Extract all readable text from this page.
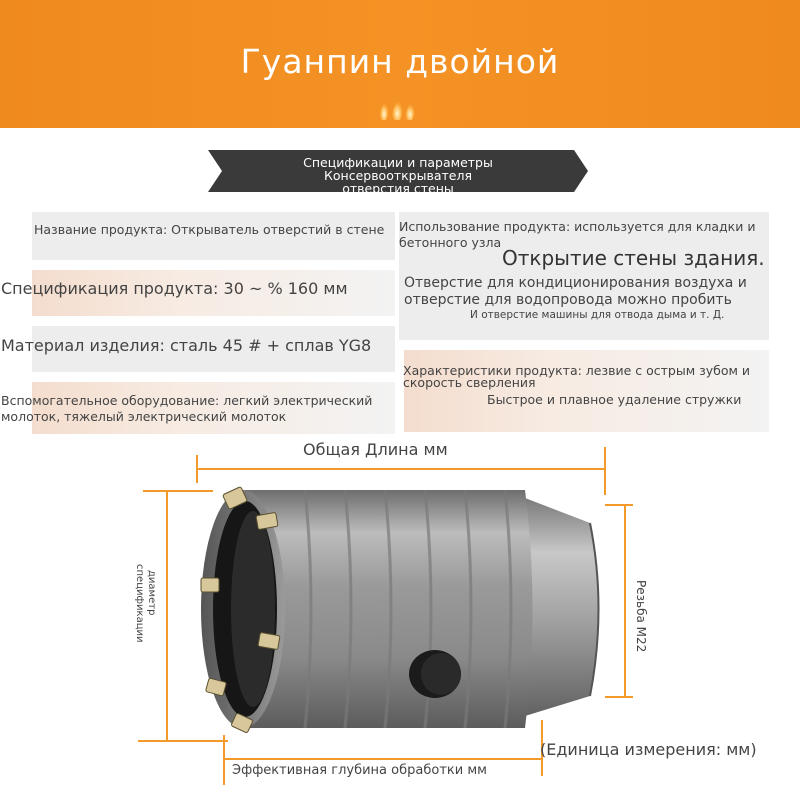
Гуанпин двойной
Спецификации и параметры Консервооткрывателя
отверстия стены
Название продукта: Открыватель отверстий в стене
Спецификация продукта: 30 ~ % 160 мм
Материал изделия: сталь 45 # + сплав YG8
Вспомогательное оборудование: легкий электрический
молоток, тяжелый электрический молоток
Использование продукта: используется для кладки и
бетонного узла
Открытие стены здания.
Отверстие для кондиционирования воздуха и
отверстие для водопровода можно пробить
И отверстие машины для отвода дыма и т. Д.
Характеристики продукта: лезвие с острым зубом и
скорость сверления
Быстрое и плавное удаление стружки
Общая Длина мм
диаметр
спецификации	Резьба M22
Эффективная глубина обработки мм
(Единица измерения: мм)
